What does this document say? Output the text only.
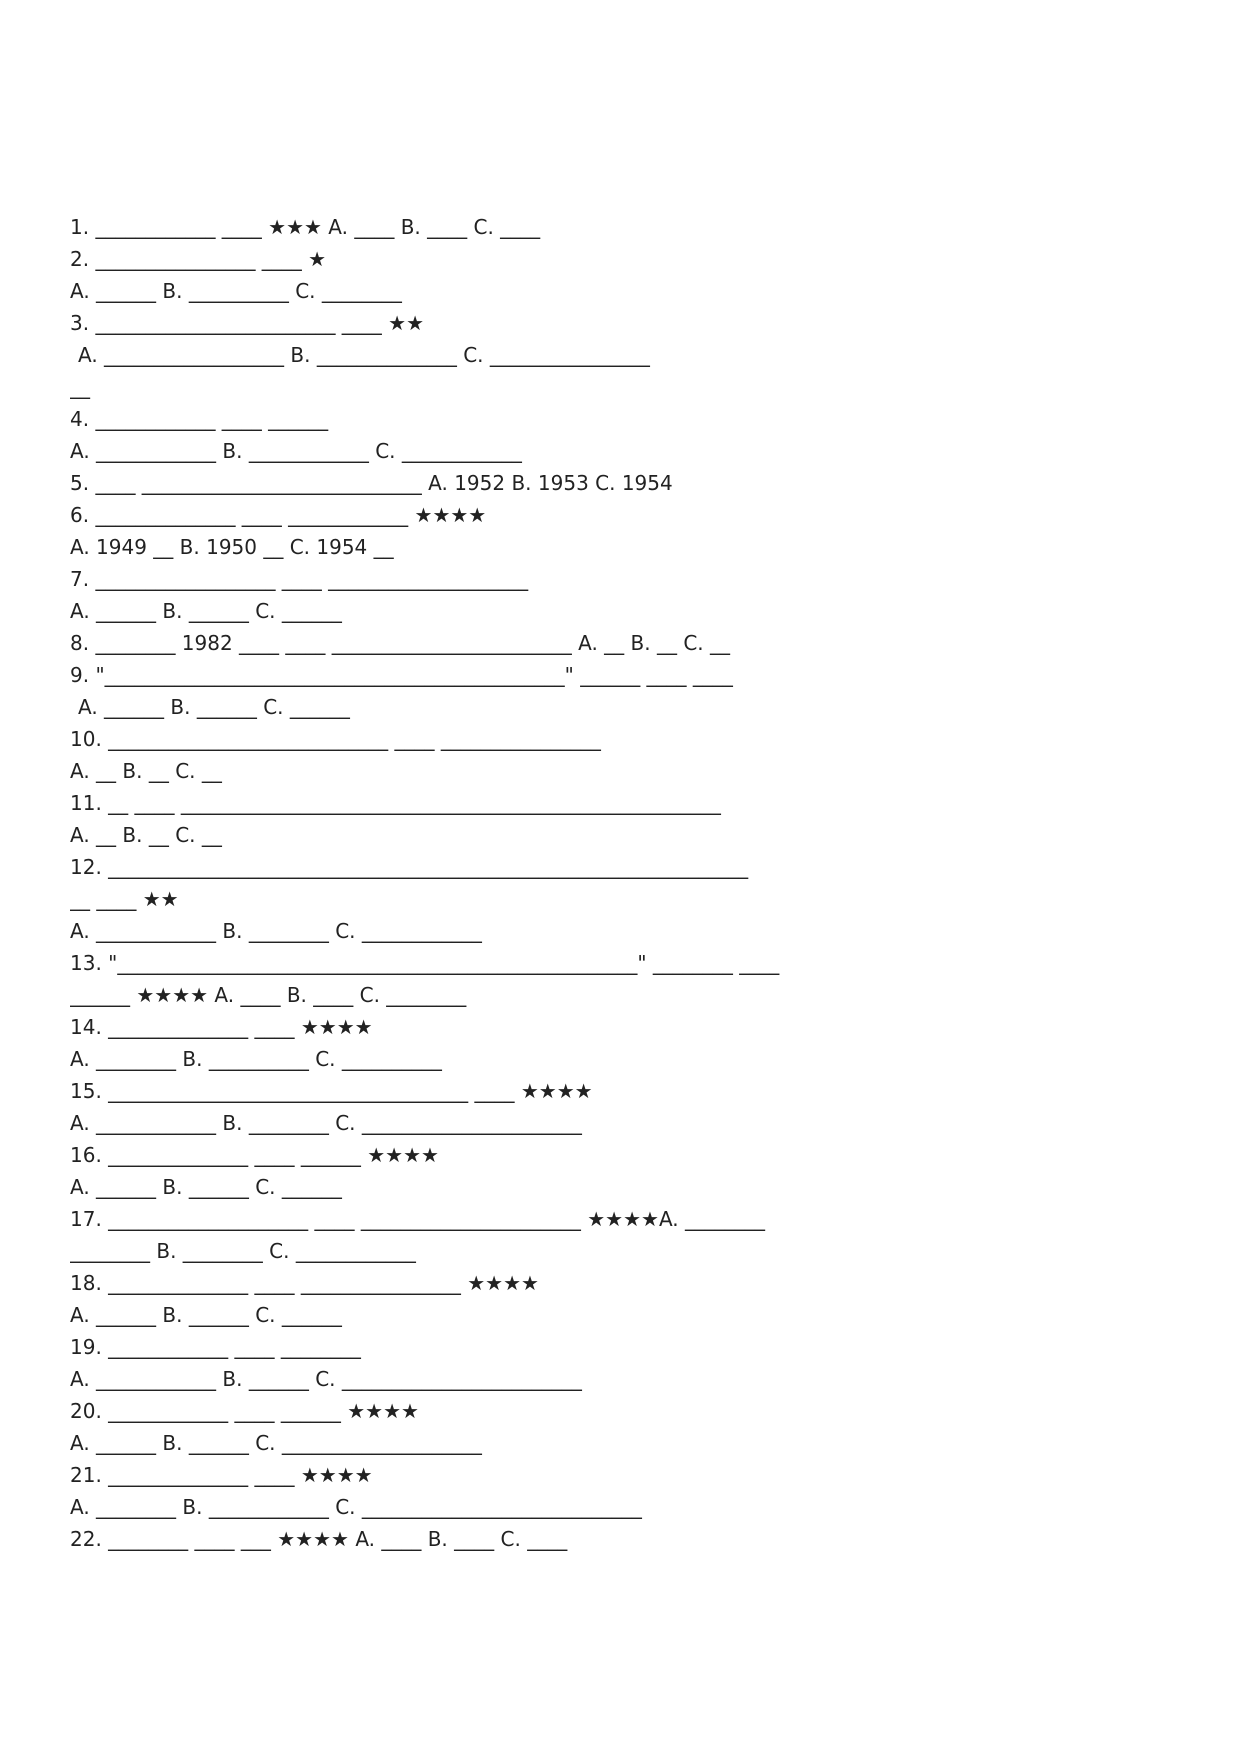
1. ____________ ____ ★★★ A. ____ B. ____ C. ____
2. ________________ ____ ★
A. ______ B. __________ C. ________
3. ________________________ ____ ★★
A. __________________ B. ______________ C. ________________
__
4. ____________ ____ ______
A. ____________ B. ____________ C. ____________
5. ____ ____________________________ A. 1952 B. 1953 C. 1954
6. ______________ ____ ____________ ★★★★
A. 1949 __ B. 1950 __ C. 1954 __
7. __________________ ____ ____________________
A. ______ B. ______ C. ______
8. ________ 1982 ____ ____ ________________________ A. __ B. __ C. __
9. "______________________________________________" ______ ____ ____
A. ______ B. ______ C. ______
10. ____________________________ ____ ________________
A. __ B. __ C. __
11. __ ____ ______________________________________________________
A. __ B. __ C. __
12. ________________________________________________________________
__ ____ ★★
A. ____________ B. ________ C. ____________
13. "____________________________________________________" ________ ____
______ ★★★★ A. ____ B. ____ C. ________
14. ______________ ____ ★★★★
A. ________ B. __________ C. __________
15. ____________________________________ ____ ★★★★
A. ____________ B. ________ C. ______________________
16. ______________ ____ ______ ★★★★
A. ______ B. ______ C. ______
17. ____________________ ____ ______________________ ★★★★A. ________
________ B. ________ C. ____________
18. ______________ ____ ________________ ★★★★
A. ______ B. ______ C. ______
19. ____________ ____ ________
A. ____________ B. ______ C. ________________________
20. ____________ ____ ______ ★★★★
A. ______ B. ______ C. ____________________
21. ______________ ____ ★★★★
A. ________ B. ____________ C. ____________________________
22. ________ ____ ___ ★★★★ A. ____ B. ____ C. ____
